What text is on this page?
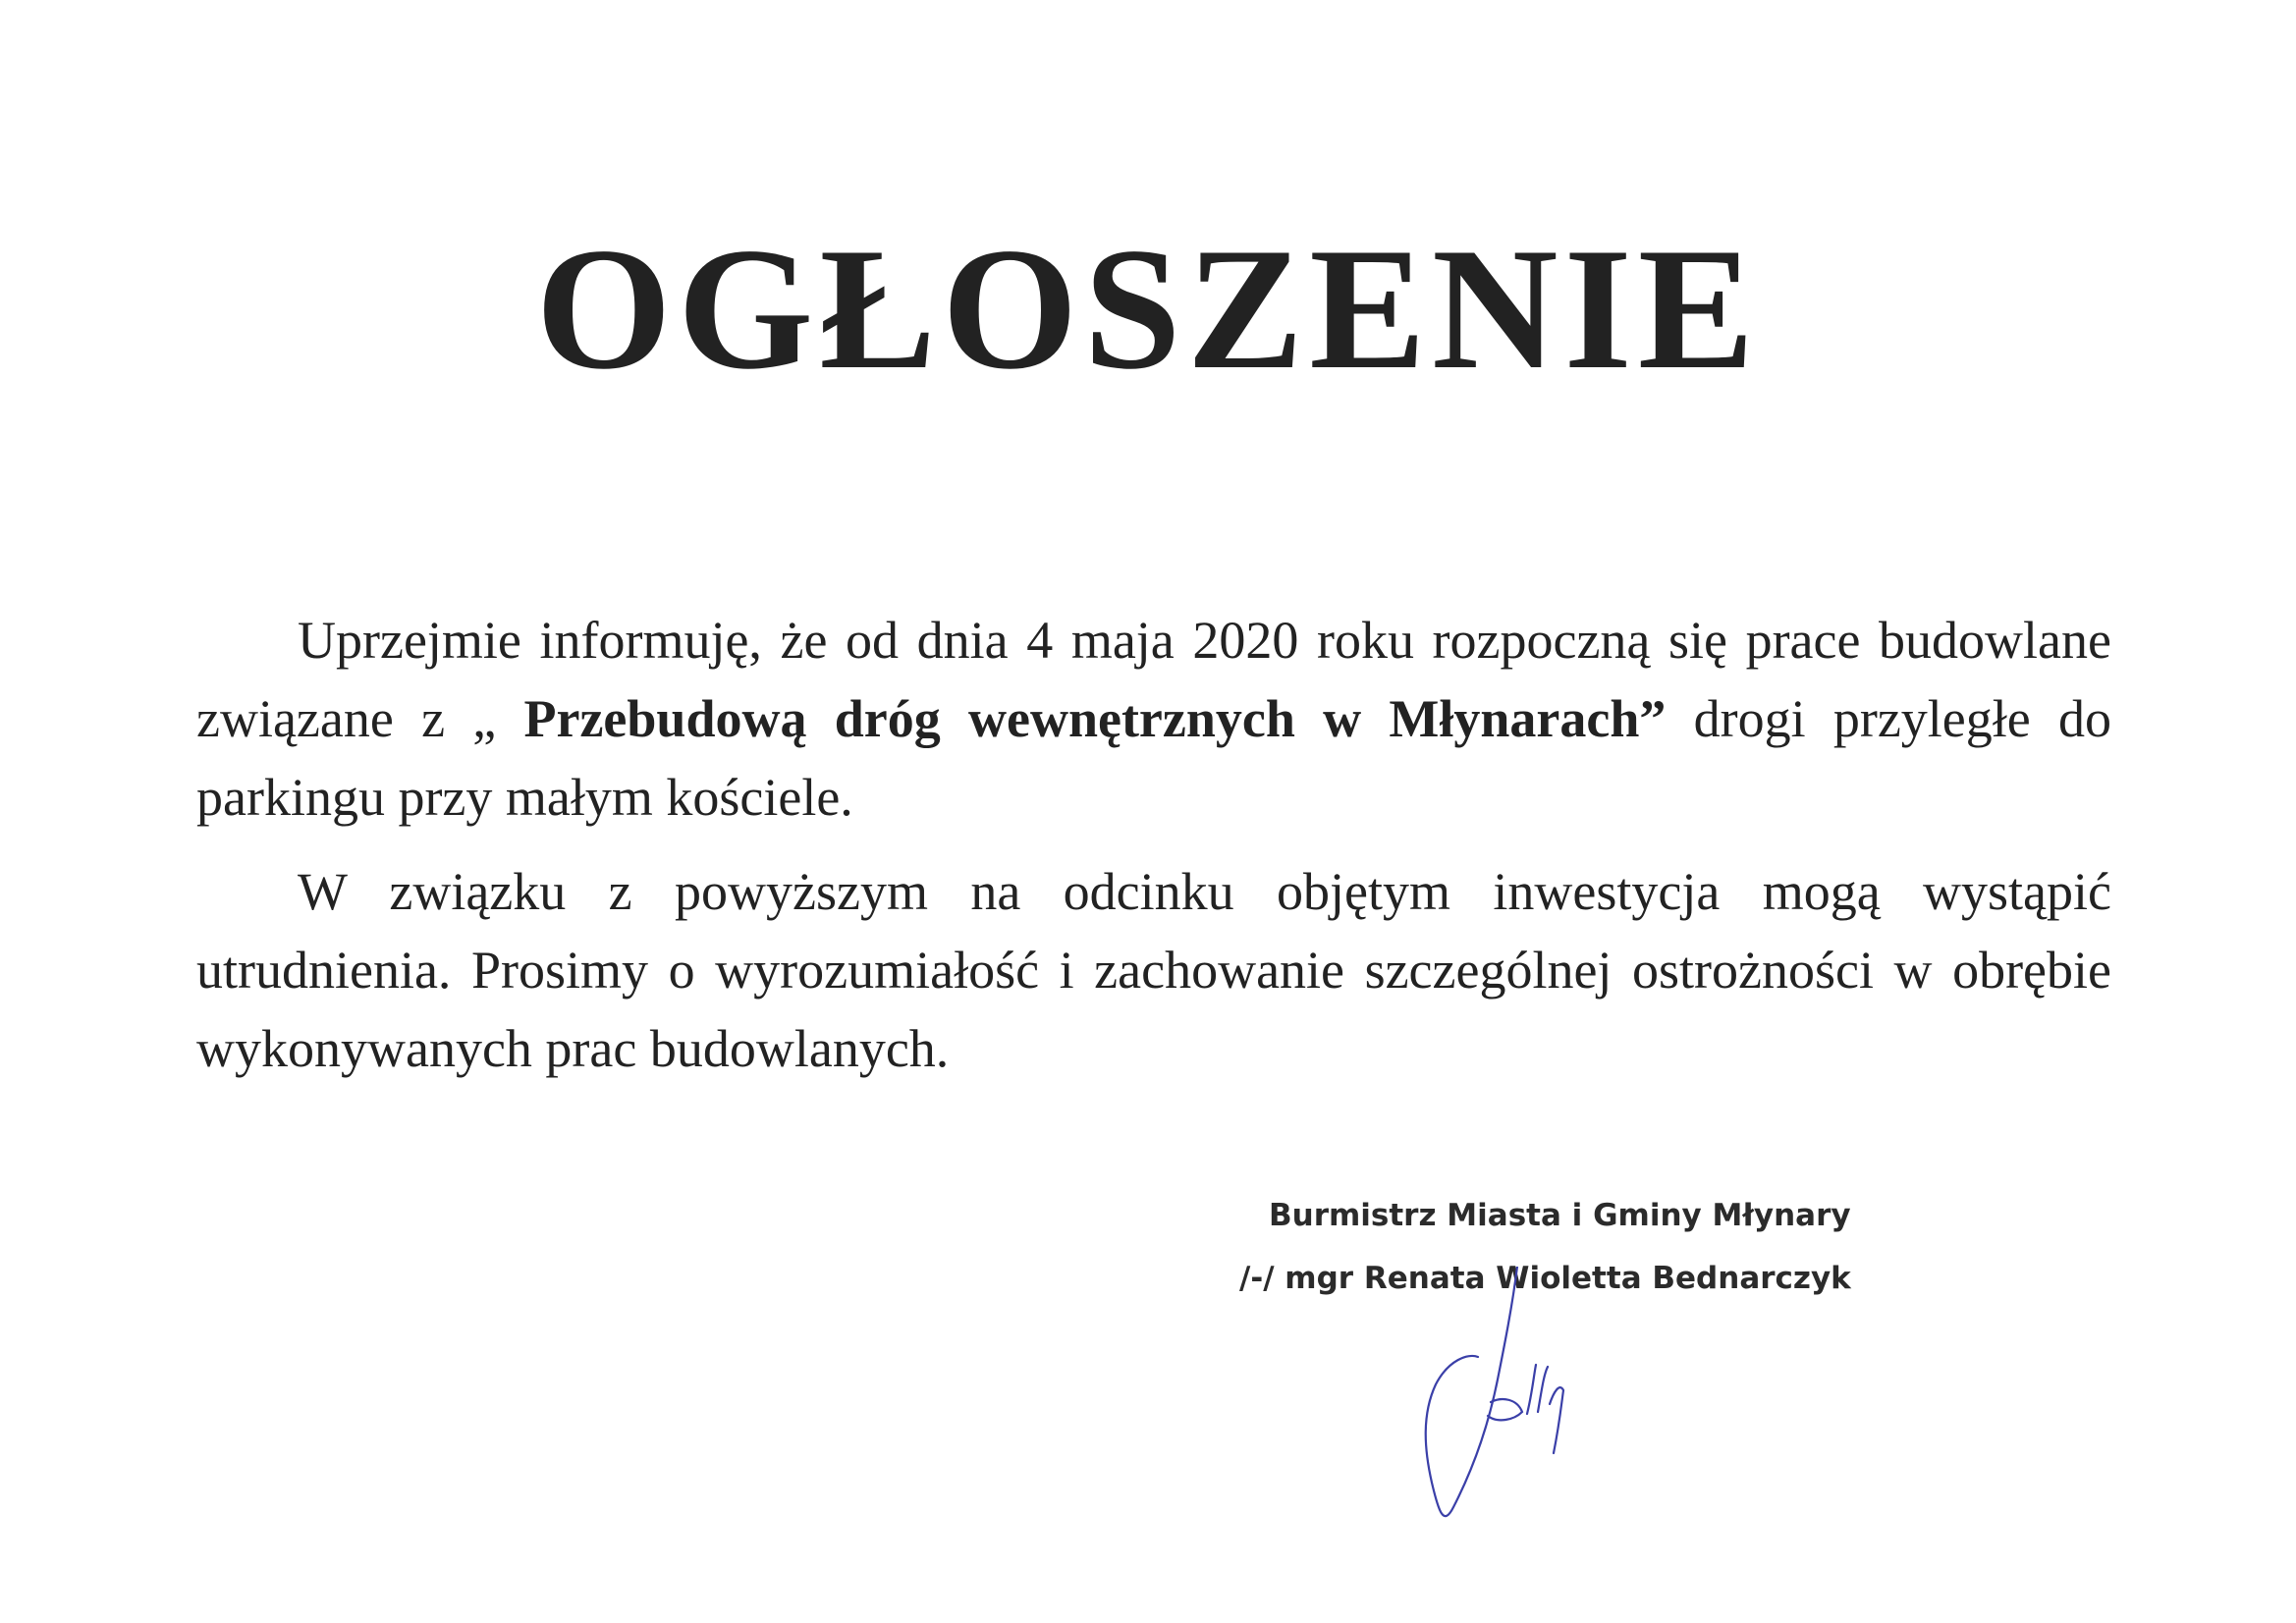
OGŁOSZENIE

Uprzejmie informuję, że od dnia 4 maja 2020 roku rozpoczną się prace budowlane związane z „ Przebudową dróg wewnętrznych w Młynarach” drogi przyległe do parkingu przy małym kościele.

W związku z powyższym na odcinku objętym inwestycja mogą wystąpić utrudnienia. Prosimy o wyrozumiałość i zachowanie szczególnej ostrożności w obrębie wykonywanych prac budowlanych.

Burmistrz Miasta i Gminy Młynary
/-/ mgr Renata Wioletta Bednarczyk
